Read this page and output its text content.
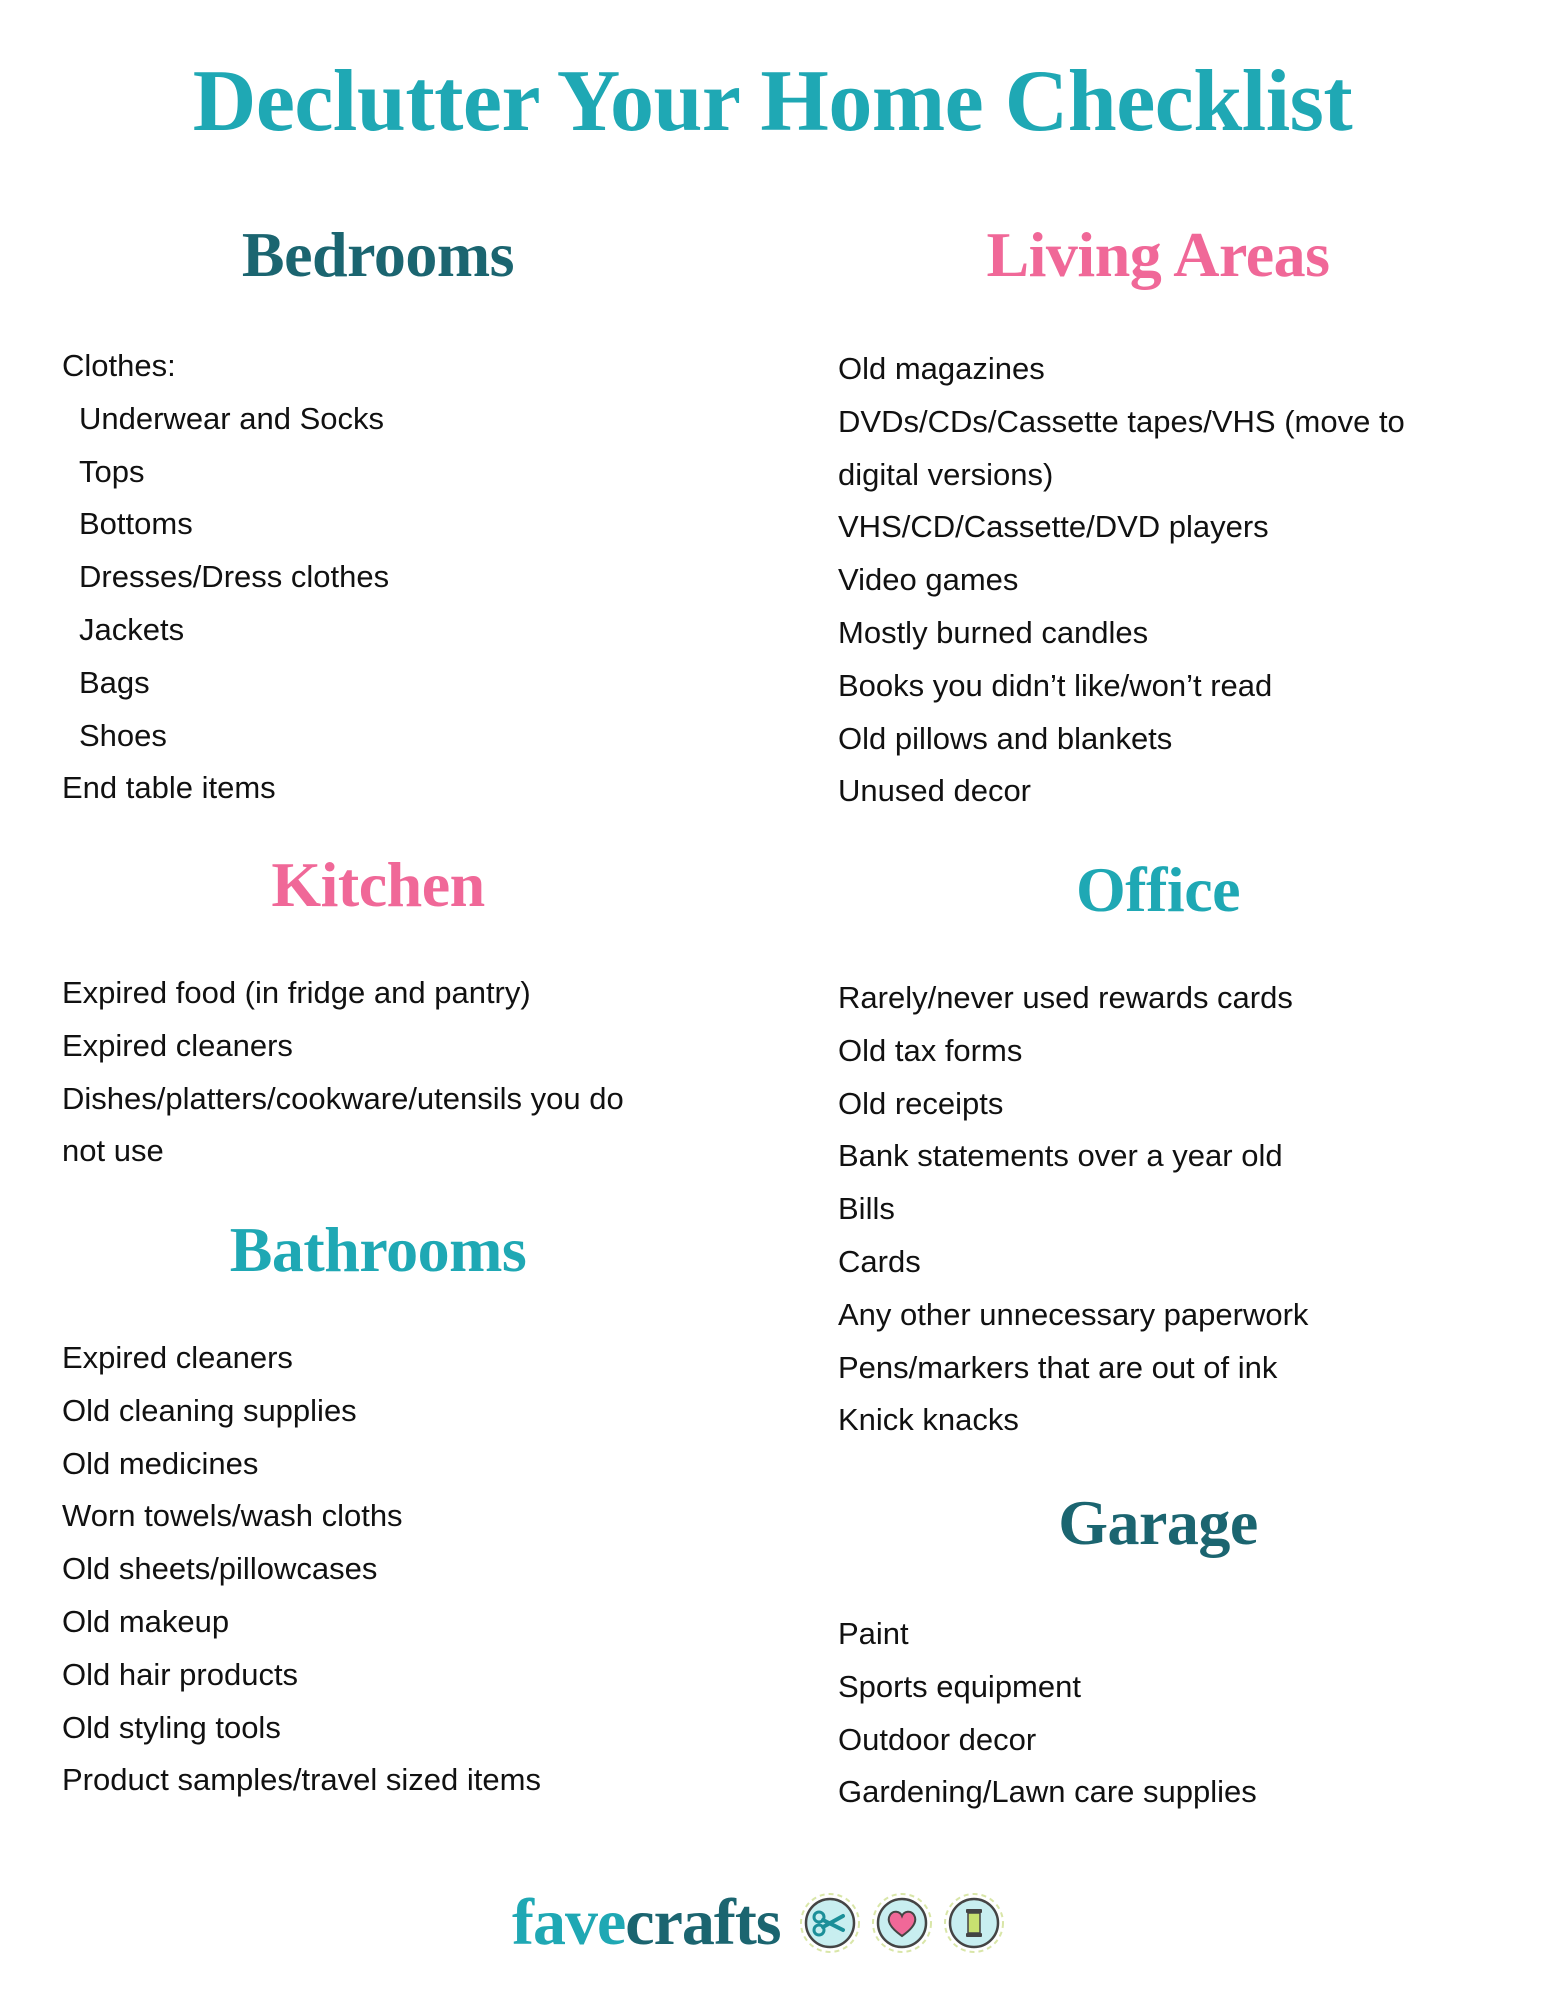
Declutter Your Home Checklist
Bedrooms
Clothes:
Underwear and Socks
Tops
Bottoms
Dresses/Dress clothes
Jackets
Bags
Shoes
End table items
Kitchen
Expired food (in fridge and pantry)
Expired cleaners
Dishes/platters/cookware/utensils you do not use
Bathrooms
Expired cleaners
Old cleaning supplies
Old medicines
Worn towels/wash cloths
Old sheets/pillowcases
Old makeup
Old hair products
Old styling tools
Product samples/travel sized items
Living Areas
Old magazines
DVDs/CDs/Cassette tapes/VHS (move to digital versions)
VHS/CD/Cassette/DVD players
Video games
Mostly burned candles
Books you didn’t like/won’t read
Old pillows and blankets
Unused decor
Office
Rarely/never used rewards cards
Old tax forms
Old receipts
Bank statements over a year old
Bills
Cards
Any other unnecessary paperwork
Pens/markers that are out of ink
Knick knacks
Garage
Paint
Sports equipment
Outdoor decor
Gardening/Lawn care supplies
fave crafts
